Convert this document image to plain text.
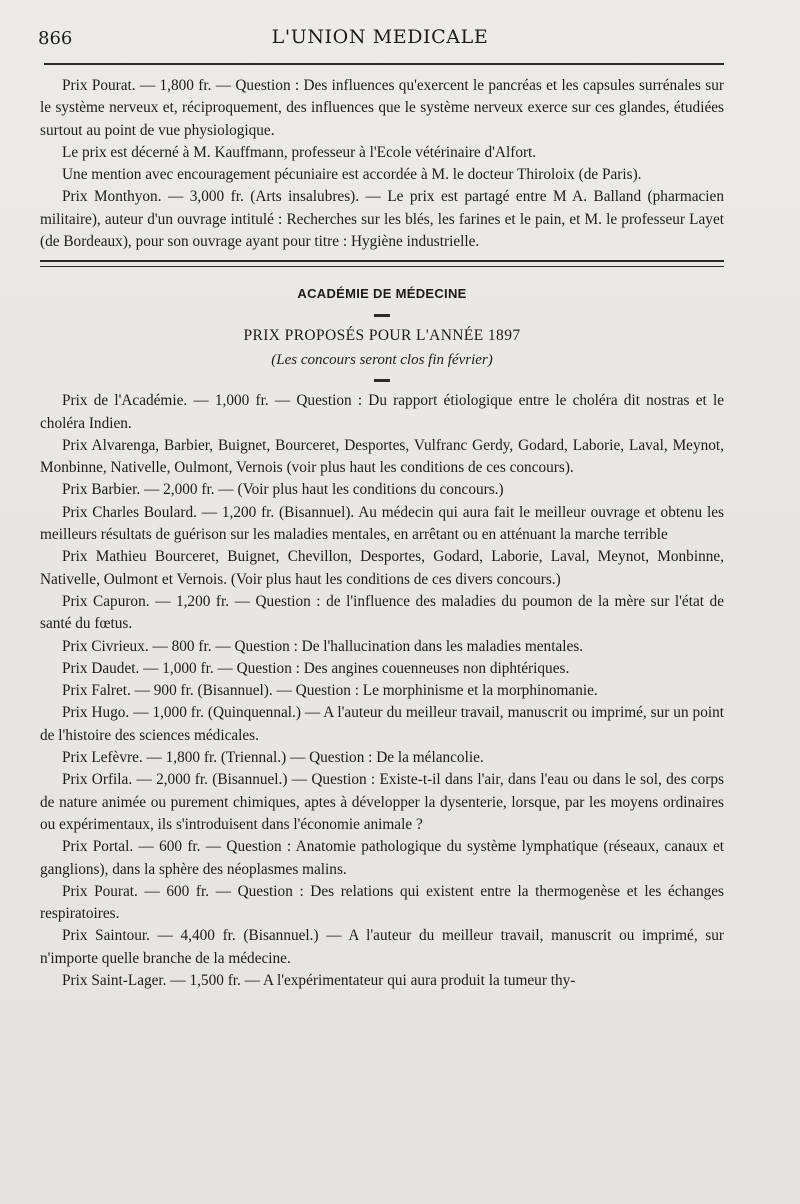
866	L'UNION MEDICALE

Prix Pourat. — 1,800 fr. — Question : Des influences qu'exercent le pancréas et les capsules surrénales sur le système nerveux et, réciproquement, des influences que le système nerveux exerce sur ces glandes, étudiées surtout au point de vue physiologique.

Le prix est décerné à M. Kauffmann, professeur à l'Ecole vétérinaire d'Alfort.

Une mention avec encouragement pécuniaire est accordée à M. le docteur Thiroloix (de Paris).

Prix Monthyon. — 3,000 fr. (Arts insalubres). — Le prix est partagé entre M A. Balland (pharmacien militaire), auteur d'un ouvrage intitulé : Recherches sur les blés, les farines et le pain, et M. le professeur Layet (de Bordeaux), pour son ouvrage ayant pour titre : Hygiène industrielle.

ACADÉMIE DE MÉDECINE
PRIX PROPOSÉS POUR L'ANNÉE 1897
(Les concours seront clos fin février)

Prix de l'Académie. — 1,000 fr. — Question : Du rapport étiologique entre le choléra dit nostras et le choléra Indien.

Prix Alvarenga, Barbier, Buignet, Bourceret, Desportes, Vulfranc Gerdy, Godard, Laborie, Laval, Meynot, Monbinne, Nativelle, Oulmont, Vernois (voir plus haut les conditions de ces concours).

Prix Barbier. — 2,000 fr. — (Voir plus haut les conditions du concours.)

Prix Charles Boulard. — 1,200 fr. (Bisannuel). Au médecin qui aura fait le meilleur ouvrage et obtenu les meilleurs résultats de guérison sur les maladies mentales, en arrêtant ou en atténuant la marche terrible

Prix Mathieu Bourceret, Buignet, Chevillon, Desportes, Godard, Laborie, Laval, Meynot, Monbinne, Nativelle, Oulmont et Vernois. (Voir plus haut les conditions de ces divers concours.)

Prix Capuron. — 1,200 fr. — Question : de l'influence des maladies du poumon de la mère sur l'état de santé du fœtus.

Prix Civrieux. — 800 fr. — Question : De l'hallucination dans les maladies mentales.

Prix Daudet. — 1,000 fr. — Question : Des angines couenneuses non diphtériques.

Prix Falret. — 900 fr. (Bisannuel). — Question : Le morphinisme et la morphinomanie.

Prix Hugo. — 1,000 fr. (Quinquennal.) — A l'auteur du meilleur travail, manuscrit ou imprimé, sur un point de l'histoire des sciences médicales.

Prix Lefèvre. — 1,800 fr. (Triennal.) — Question : De la mélancolie.

Prix Orfila. — 2,000 fr. (Bisannuel.) — Question : Existe-t-il dans l'air, dans l'eau ou dans le sol, des corps de nature animée ou purement chimiques, aptes à développer la dysenterie, lorsque, par les moyens ordinaires ou expérimentaux, ils s'introduisent dans l'économie animale ?

Prix Portal. — 600 fr. — Question : Anatomie pathologique du système lymphatique (réseaux, canaux et ganglions), dans la sphère des néoplasmes malins.

Prix Pourat. — 600 fr. — Question : Des relations qui existent entre la thermogenèse et les échanges respiratoires.

Prix Saintour. — 4,400 fr. (Bisannuel.) — A l'auteur du meilleur travail, manuscrit ou imprimé, sur n'importe quelle branche de la médecine.

Prix Saint-Lager. — 1,500 fr. — A l'expérimentateur qui aura produit la tumeur thy-
